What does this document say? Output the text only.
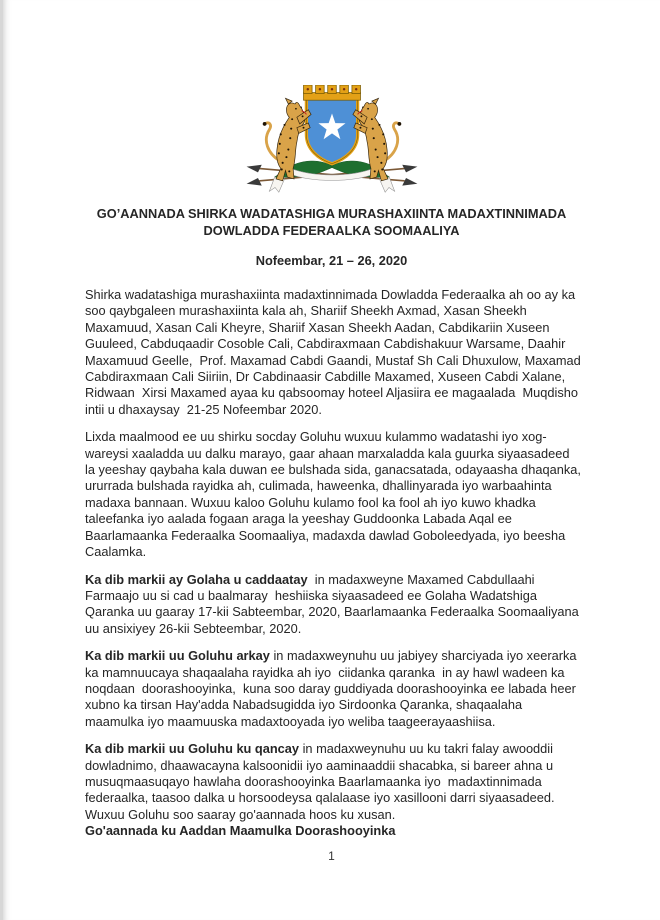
GO’AANNADA SHIRKA WADATASHIGA MURASHAXIINTA MADAXTINNIMADA
DOWLADDA FEDERAALKA SOOMAALIYA
Nofeembar, 21 – 26, 2020

Shirka wadatashiga murashaxiinta madaxtinnimada Dowladda Federaalka ah oo ay ka soo qaybgaleen murashaxiinta kala ah, Shariif Sheekh Axmad, Xasan Sheekh Maxamuud, Xasan Cali Kheyre, Shariif Xasan Sheekh Aadan, Cabdikariin Xuseen Guuleed, Cabduqaadir Cosoble Cali, Cabdiraxmaan Cabdishakuur Warsame, Daahir Maxamuud Geelle,  Prof. Maxamad Cabdi Gaandi, Mustaf Sh Cali Dhuxulow, Maxamad Cabdiraxmaan Cali Siiriin, Dr Cabdinaasir Cabdille Maxamed, Xuseen Cabdi Xalane, Ridwaan  Xirsi Maxamed ayaa ku qabsoomay hoteel Aljasiira ee magaalada  Muqdisho intii u dhaxaysay  21-25 Nofeembar 2020.

Lixda maalmood ee uu shirku socday Goluhu wuxuu kulammo wadatashi iyo xog-wareysi xaaladda uu dalku marayo, gaar ahaan marxaladda kala guurka siyaasadeed la yeeshay qaybaha kala duwan ee bulshada sida, ganacsatada, odayaasha dhaqanka, ururrada bulshada rayidka ah, culimada, haweenka, dhallinyarada iyo warbaahinta madaxa bannaan. Wuxuu kaloo Goluhu kulamo fool ka fool ah iyo kuwo khadka taleefanka iyo aalada fogaan araga la yeeshay Guddoonka Labada Aqal ee Baarlamaanka Federaalka Soomaaliya, madaxda dawlad Goboleedyada, iyo beesha Caalamka.

Ka dib markii ay Golaha u caddaatay  in madaxweyne Maxamed Cabdullaahi Farmaajo uu si cad u baalmaray  heshiiska siyaasadeed ee Golaha Wadatshiga Qaranka uu gaaray 17-kii Sabteembar, 2020, Baarlamaanka Federaalka Soomaaliyana  uu ansixiyey 26-kii Sebteembar, 2020.

Ka dib markii uu Goluhu arkay in madaxweynuhu uu jabiyey sharciyada iyo xeerarka ka mamnuucaya shaqaalaha rayidka ah iyo  ciidanka qaranka  in ay hawl wadeen ka noqdaan  doorashooyinka,  kuna soo daray guddiyada doorashooyinka ee labada heer xubno ka tirsan Hay'adda Nabadsugidda iyo Sirdoonka Qaranka, shaqaalaha maamulka iyo maamuuska madaxtooyada iyo weliba taageerayaashiisa.

Ka dib markii uu Goluhu ku qancay in madaxweynuhu uu ku takri falay awooddii dowladnimo, dhaawacayna kalsoonidii iyo aaminaaddii shacabka, si bareer ahna u musuqmaasuqayo hawlaha doorashooyinka Baarlamaanka iyo  madaxtinnimada federaalka, taasoo dalka u horsoodeysa qalalaase iyo xasillooni darri siyaasadeed. Wuxuu Goluhu soo saaray go'aannada hoos ku xusan.

Go'aannada ku Aaddan Maamulka Doorashooyinka

1
